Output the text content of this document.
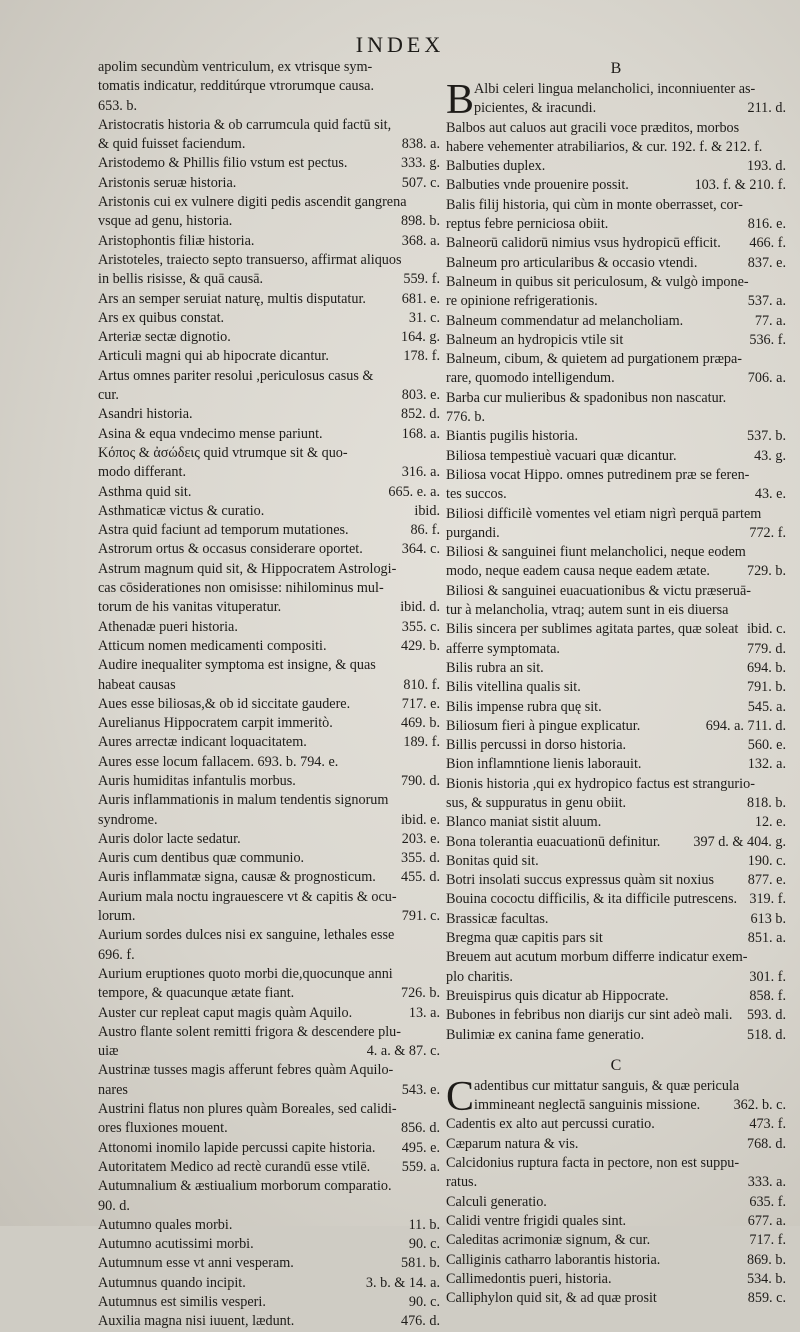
INDEX
apolim secundùm ventriculum, ex vtrisque sym-
tomatis indicatur, redditúrque vtrorumque causa.
653. b.
Aristocratis historia & ob carrumcula quid factū sit,
838. a.
& quid fuisset faciendum.
333. g.
Aristodemo & Phillis filio vstum est pectus.
507. c.
Aristonis seruæ historia.
Aristonis cui ex vulnere digiti pedis ascendit gangrena
898. b.
vsque ad genu, historia.
368. a.
Aristophontis filiæ historia.
Aristoteles, traiecto septo transuerso, affirmat aliquos
559. f.
in bellis risisse, & quā causā.
681. e.
Ars an semper seruiat naturę, multis disputatur.
31. c.
Ars ex quibus constat.
164. g.
Arteriæ sectæ dignotio.
178. f.
Articuli magni qui ab hipocrate dicantur.
Artus omnes pariter resolui ,periculosus casus &
803. e.
cur.
852. d.
Asandri historia.
168. a.
Asina & equa vndecimo mense pariunt.
Κόπος & ἀσώδεις quid vtrumque sit & quo-
316. a.
modo differant.
665. e. a.
Asthma quid sit.
ibid.
Asthmaticæ victus & curatio.
86. f.
Astra quid faciunt ad temporum mutationes.
364. c.
Astrorum ortus & occasus considerare oportet.
Astrum magnum quid sit, & Hippocratem Astrologi-
cas cōsiderationes non omisisse: nihilominus mul-
ibid. d.
torum de his vanitas vituperatur.
355. c.
Athenadæ pueri historia.
429. b.
Atticum nomen medicamenti compositi.
Audire inequaliter symptoma est insigne, & quas
810. f.
habeat causas
717. e.
Aues esse biliosas,& ob id siccitate gaudere.
469. b.
Aurelianus Hippocratem carpit immeritò.
189. f.
Aures arrectæ indicant loquacitatem.
Aures esse locum fallacem. 693. b. 794. e.
790. d.
Auris humiditas infantulis morbus.
Auris inflammationis in malum tendentis signorum
ibid. e.
syndrome.
203. e.
Auris dolor lacte sedatur.
355. d.
Auris cum dentibus quæ communio.
455. d.
Auris inflammatæ signa, causæ & prognosticum.
Aurium mala noctu ingrauescere vt & capitis & ocu-
791. c.
lorum.
Aurium sordes dulces nisi ex sanguine, lethales esse
696. f.
Aurium eruptiones quoto morbi die,quocunque anni
726. b.
tempore, & quacunque ætate fiant.
13. a.
Auster cur repleat caput magis quàm Aquilo.
Austro flante solent remitti frigora & descendere plu-
4. a. & 87. c.
uiæ
Austrinæ tusses magis afferunt febres quàm Aquilo-
543. e.
nares
Austrini flatus non plures quàm Boreales, sed calidi-
856. d.
ores fluxiones mouent.
495. e.
Attonomi inomilo lapide percussi capite historia.
559. a.
Autoritatem Medico ad rectè curandū esse vtilē.
Autumnalium & æstiualium morborum comparatio.
90. d.
11. b.
Autumno quales morbi.
90. c.
Autumno acutissimi morbi.
581. b.
Autumnum esse vt anni vesperam.
3. b. & 14. a.
Autumnus quando incipit.
90. c.
Autumnus est similis vesperi.
476. d.
Auxilia magna nisi iuuent, lædunt.
B
B Albi celeri lingua melancholici, inconniuenter as-
211. d.
picientes, & iracundi.
Balbos aut caluos aut gracili voce præditos, morbos
habere vehementer atrabiliarios, & cur. 192. f. & 212. f.
193. d.
Balbuties duplex.
103. f. & 210. f.
Balbuties vnde prouenire possit.
Balis filij historia, qui cùm in monte oberrasset, cor-
816. e.
reptus febre perniciosa obiit.
466. f.
Balneorū calidorū nimius vsus hydropicū efficit.
837. e.
Balneum pro articularibus & occasio vtendi.
Balneum in quibus sit periculosum, & vulgò impone-
537. a.
re opinione refrigerationis.
77. a.
Balneum commendatur ad melancholiam.
536. f.
Balneum an hydropicis vtile sit
Balneum, cibum, & quietem ad purgationem præpa-
706. a.
rare, quomodo intelligendum.
Barba cur mulieribus & spadonibus non nascatur.
776. b.
537. b.
Biantis pugilis historia.
43. g.
Biliosa tempestiuè vacuari quæ dicantur.
Biliosa vocat Hippo. omnes putredinem præ se feren-
43. e.
tes succos.
Biliosi difficilè vomentes vel etiam nigrì perquā partem
772. f.
purgandi.
Biliosi & sanguinei fiunt melancholici, neque eodem
729. b.
modo, neque eadem causa neque eadem ætate.
Biliosi & sanguinei euacuationibus & victu præseruā-
tur à melancholia, vtraq; autem sunt in eis diuersa
ibid. c.
Bilis sincera per sublimes agitata partes, quæ soleat
779. d.
afferre symptomata.
694. b.
Bilis rubra an sit.
791. b.
Bilis vitellina qualis sit.
545. a.
Bilis impense rubra quę sit.
694. a. 711. d.
Biliosum fieri à pingue explicatur.
560. e.
Billis percussi in dorso historia.
132. a.
Bion inflamntione lienis laborauit.
Bionis historia ,qui ex hydropico factus est strangurio-
818. b.
sus, & suppuratus in genu obiit.
12. e.
Blanco maniat sistit aluum.
397 d. & 404. g.
Bona tolerantia euacuationū definitur.
190. c.
Bonitas quid sit.
877. e.
Botri insolati succus expressus quàm sit noxius
319. f.
Bouina cococtu difficilis, & ita difficile putrescens.
613 b.
Brassicæ facultas.
851. a.
Bregma quæ capitis pars sit
Breuem aut acutum morbum differre indicatur exem-
301. f.
plo charitis.
858. f.
Breuispirus quis dicatur ab Hippocrate.
593. d.
Bubones in febribus non diarijs cur sint adeò mali.
518. d.
Bulimiæ ex canina fame generatio.
C
C adentibus cur mittatur sanguis, & quæ pericula
362. b. c.
immineant neglectā sanguinis missione.
473. f.
Cadentis ex alto aut percussi curatio.
768. d.
Cæparum natura & vis.
Calcidonius ruptura facta in pectore, non est suppu-
333. a.
ratus.
635. f.
Calculi generatio.
677. a.
Calidi ventre frigidi quales sint.
717. f.
Caleditas acrimoniæ signum, & cur.
869. b.
Calliginis catharro laborantis historia.
534. b.
Callimedontis pueri, historia.
859. c.
Calliphylon quid sit, & ad quæ prosit
